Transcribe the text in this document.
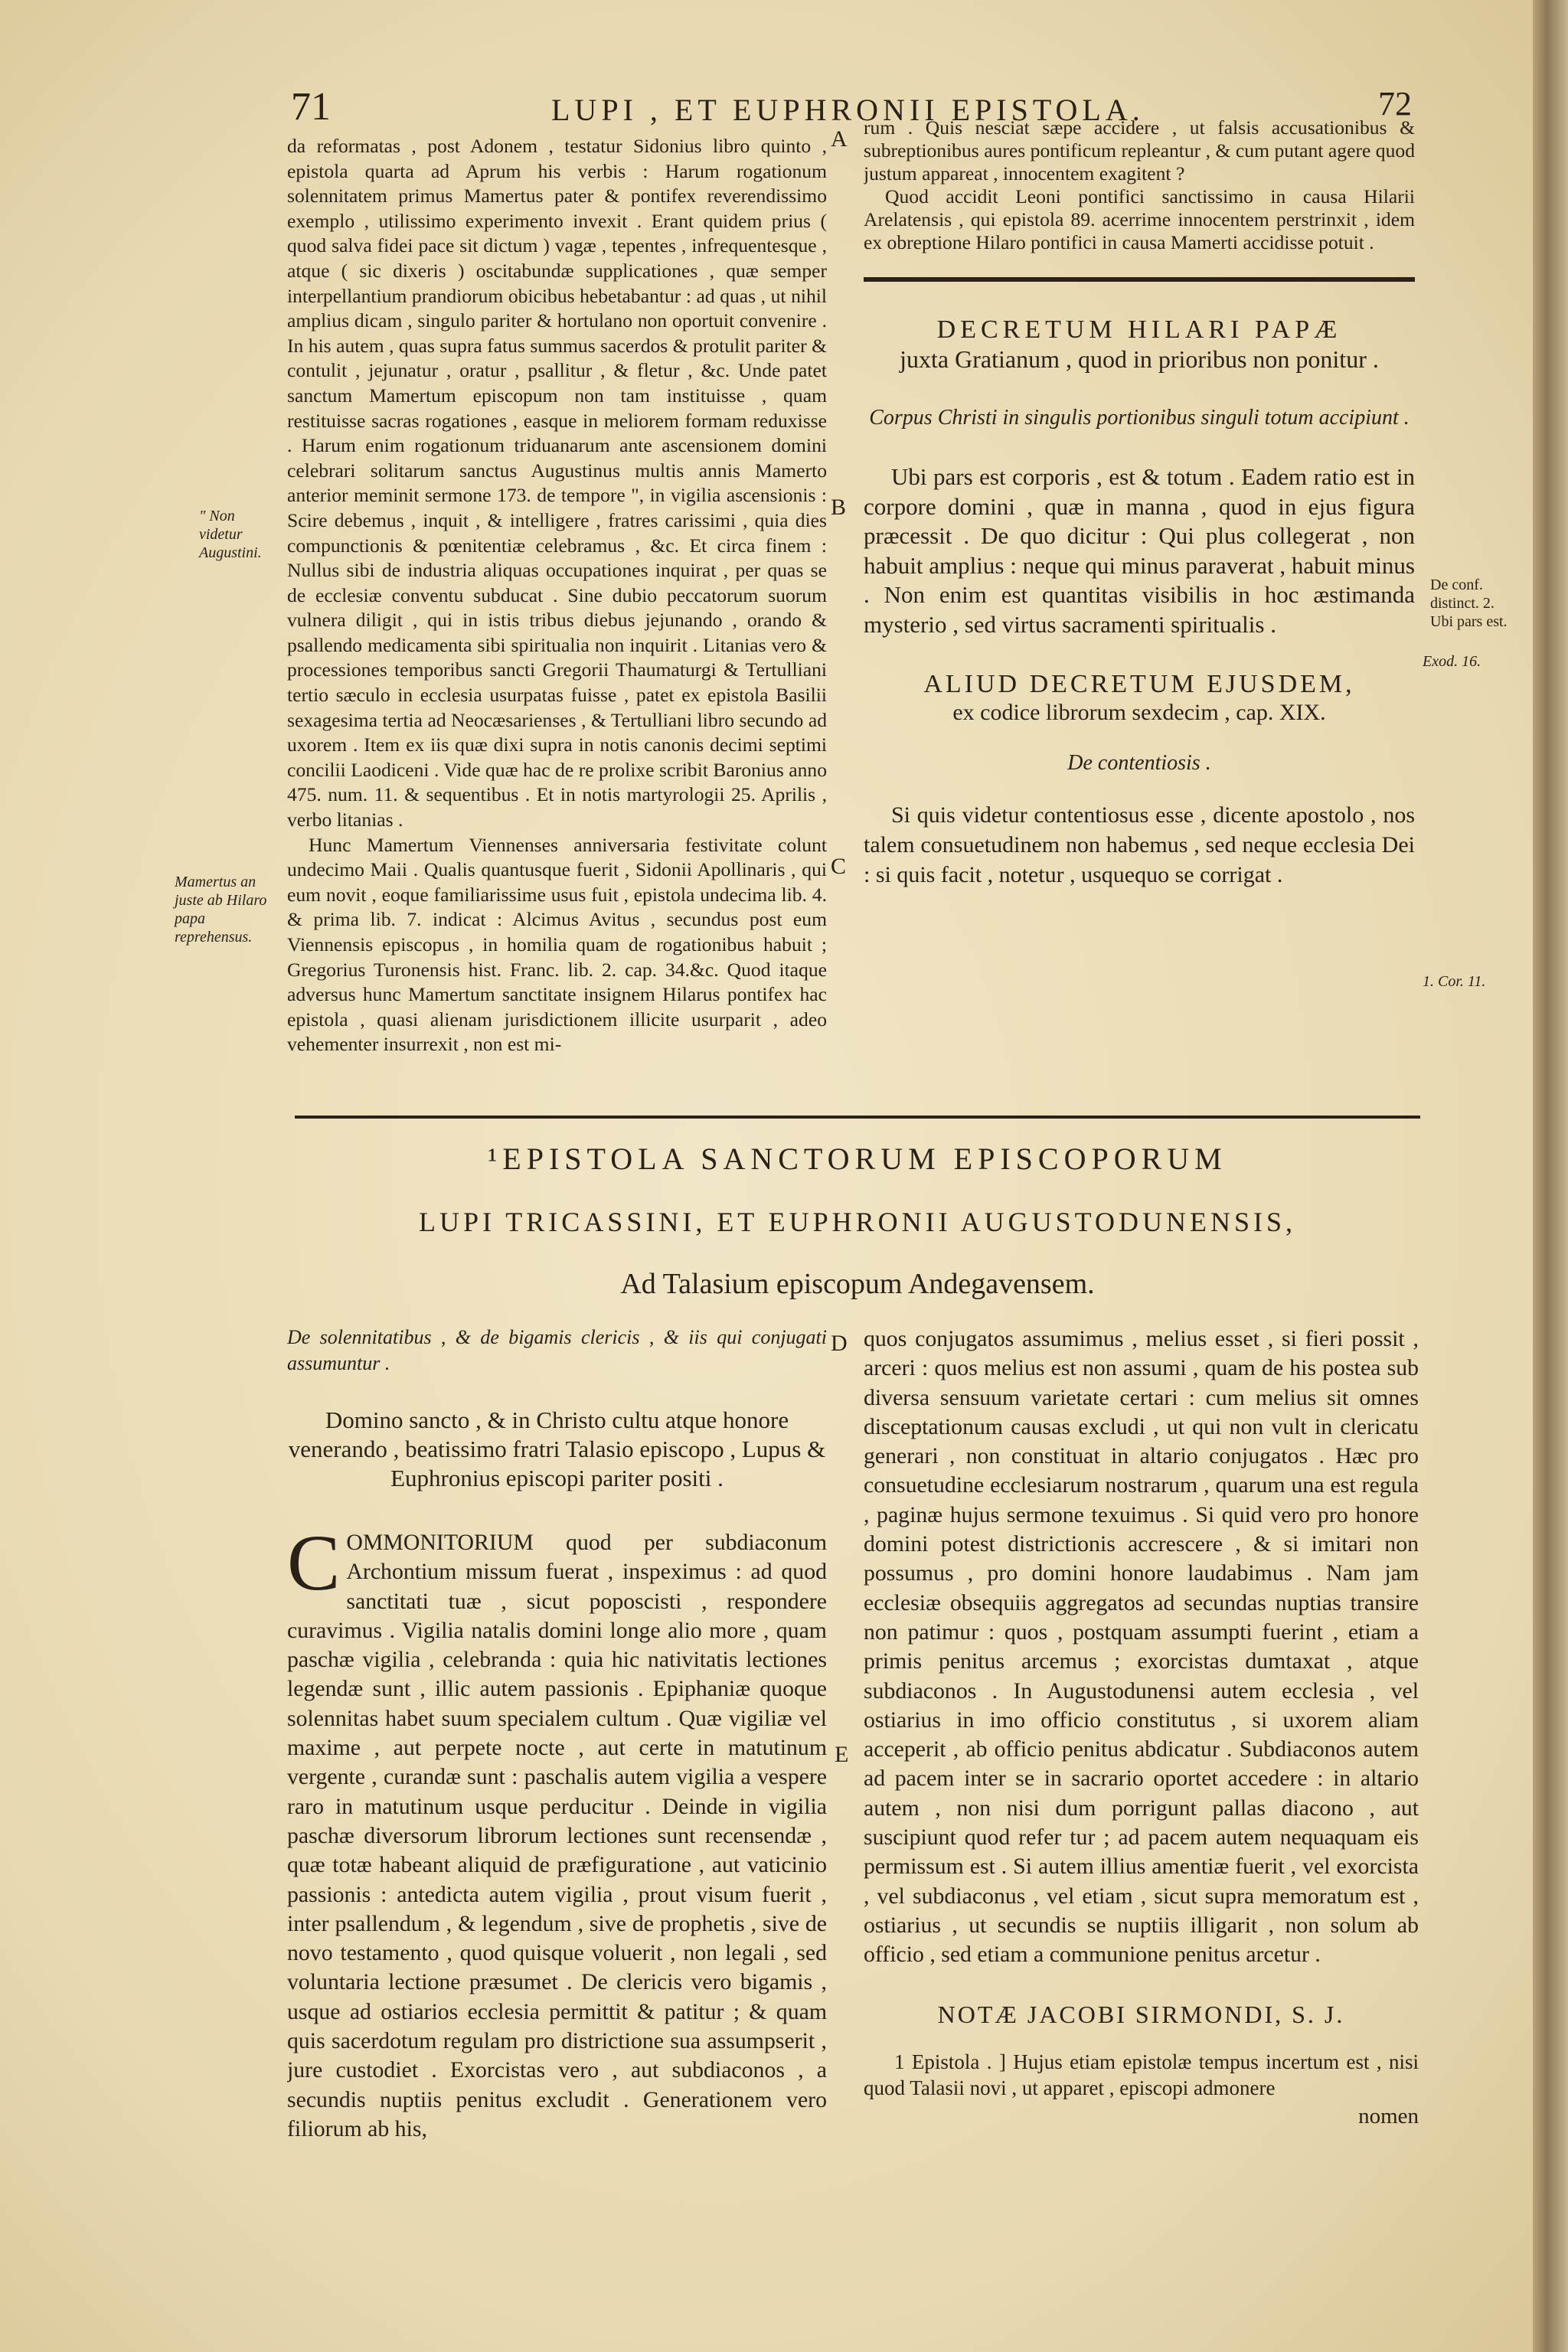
71	LUPI , ET EUPHRONII EPISTOLA.	72

da reformatas , post Adonem , testatur Sidonius libro quinto , epistola quarta ad Aprum his verbis : Harum rogationum solennitatem primus Mamertus pater & pontifex reverendissimo exemplo , utilissimo experimento invexit . Erant quidem prius ( quod salva fidei pace sit dictum ) vagæ , tepentes , infrequentesque , atque ( sic dixeris ) oscitabundæ supplicationes , quæ semper interpellantium prandiorum obicibus hebetabantur : ad quas , ut nihil amplius dicam , singulo pariter & hortulano non oportuit convenire . In his autem , quas supra fatus summus sacerdos & protulit pariter & contulit , jejunatur , oratur , psallitur , & fletur , &c. Unde patet sanctum Mamertum episcopum non tam instituisse , quam restituisse sacras rogationes , easque in meliorem formam reduxisse . Harum enim rogationum triduanarum ante ascensionem domini celebrari solitarum sanctus Augustinus multis annis Mamerto anterior meminit sermone 173. de tempore ", in vigilia ascensionis : Scire debemus , inquit , & intelligere , fratres carissimi , quia dies compunctionis & pœnitentiæ celebramus , &c. Et circa finem : Nullus sibi de industria aliquas occupationes inquirat , per quas se de ecclesiæ conventu subducat . Sine dubio peccatorum suorum vulnera diligit , qui in istis tribus diebus jejunando , orando & psallendo medicamenta sibi spiritualia non inquirit . Litanias vero & processiones temporibus sancti Gregorii Thaumaturgi & Tertulliani tertio sæculo in ecclesia usurpatas fuisse , patet ex epistola Basilii sexagesima tertia ad Neocæsarienses , & Tertulliani libro secundo ad uxorem . Item ex iis quæ dixi supra in notis canonis decimi septimi concilii Laodiceni . Vide quæ hac de re prolixe scribit Baronius anno 475. num. 11. & sequentibus . Et in notis martyrologii 25. Aprilis , verbo litanias .

Hunc Mamertum Viennenses anniversaria festivitate colunt undecimo Maii . Qualis quantusque fuerit , Sidonii Apollinaris , qui eum novit , eoque familiarissime usus fuit , epistola undecima lib. 4. & prima lib. 7. indicat : Alcimus Avitus , secundus post eum Viennensis episcopus , in homilia quam de rogationibus habuit ; Gregorius Turonensis hist. Franc. lib. 2. cap. 34.&c. Quod itaque adversus hunc Mamertum sanctitate insignem Hilarus pontifex hac epistola , quasi alienam jurisdictionem illicite usurparit , adeo vehementer insurrexit , non est mi-

" Non videtur Augustini.
Mamertus an juste ab Hilaro papa reprehensus.
A
B
C
D
E

rum . Quis nesciat sæpe accidere , ut falsis accusationibus & subreptionibus aures pontificum repleantur , & cum putant agere quod justum appareat , innocentem exagitent ?

Quod accidit Leoni pontifici sanctissimo in causa Hilarii Arelatensis , qui epistola 89. acerrime innocentem perstrinxit , idem ex obreptione Hilaro pontifici in causa Mamerti accidisse potuit .

DECRETUM HILARI PAPÆ
juxta Gratianum , quod in prioribus non ponitur .
Corpus Christi in singulis portionibus singuli totum accipiunt .

Ubi pars est corporis , est & totum . Eadem ratio est in corpore domini , quæ in manna , quod in ejus figura præcessit . De quo dicitur : Qui plus collegerat , non habuit amplius : neque qui minus paraverat , habuit minus . Non enim est quantitas visibilis in hoc æstimanda mysterio , sed virtus sacramenti spiritualis .

ALIUD DECRETUM EJUSDEM,
ex codice librorum sexdecim , cap. XIX.
De contentiosis .

Si quis videtur contentiosus esse , dicente apostolo , nos talem consuetudinem non habemus , sed neque ecclesia Dei : si quis facit , notetur , usquequo se corrigat .

De conf. distinct. 2. Ubi pars est.
Exod. 16.
1. Cor. 11.
¹EPISTOLA SANCTORUM EPISCOPORUM
LUPI TRICASSINI, ET EUPHRONII AUGUSTODUNENSIS,
Ad Talasium episcopum Andegavensem.
De solennitatibus , & de bigamis clericis , & iis qui conjugati assumuntur .
Domino sancto , & in Christo cultu atque honore venerando , beatissimo fratri Talasio episcopo , Lupus & Euphronius episcopi pariter positi .
COMMONITORIUM quod per subdiaconum Archontium missum fuerat , inspeximus : ad quod sanctitati tuæ , sicut poposcisti , respondere curavimus . Vigilia natalis domini longe alio more , quam paschæ vigilia , celebranda : quia hic nativitatis lectiones legendæ sunt , illic autem passionis . Epiphaniæ quoque solennitas habet suum specialem cultum . Quæ vigiliæ vel maxime , aut perpete nocte , aut certe in matutinum vergente , curandæ sunt : paschalis autem vigilia a vespere raro in matutinum usque perducitur . Deinde in vigilia paschæ diversorum librorum lectiones sunt recensendæ , quæ totæ habeant aliquid de præfiguratione , aut vaticinio passionis : antedicta autem vigilia , prout visum fuerit , inter psallendum , & legendum , sive de prophetis , sive de novo testamento , quod quisque voluerit , non legali , sed voluntaria lectione præsumet . De clericis vero bigamis , usque ad ostiarios ecclesia permittit & patitur ; & quam quis sacerdotum regulam pro districtione sua assumpserit , jure custodiet . Exorcistas vero , aut subdiaconos , a secundis nuptiis penitus excludit . Generationem vero filiorum ab his,

quos conjugatos assumimus , melius esset , si fieri possit , arceri : quos melius est non assumi , quam de his postea sub diversa sensuum varietate certari : cum melius sit omnes disceptationum causas excludi , ut qui non vult in clericatu generari , non constituat in altario conjugatos . Hæc pro consuetudine ecclesiarum nostrarum , quarum una est regula , paginæ hujus sermone texuimus . Si quid vero pro honore domini potest districtionis accrescere , & si imitari non possumus , pro domini honore laudabimus . Nam jam ecclesiæ obsequiis aggregatos ad secundas nuptias transire non patimur : quos , postquam assumpti fuerint , etiam a primis penitus arcemus ; exorcistas dumtaxat , atque subdiaconos . In Augustodunensi autem ecclesia , vel ostiarius in imo officio constitutus , si uxorem aliam acceperit , ab officio penitus abdicatur . Subdiaconos autem ad pacem inter se in sacrario oportet accedere : in altario autem , non nisi dum porrigunt pallas diacono , aut suscipiunt quod refer tur ; ad pacem autem nequaquam eis permissum est . Si autem illius amentiæ fuerit , vel exorcista , vel subdiaconus , vel etiam , sicut supra memoratum est , ostiarius , ut secundis se nuptiis illigarit , non solum ab officio , sed etiam a communione penitus arcetur .

NOTÆ JACOBI SIRMONDI, S. J.

1 Epistola . ] Hujus etiam epistolæ tempus incertum est , nisi quod Talasii novi , ut apparet , episcopi admonere

nomen
